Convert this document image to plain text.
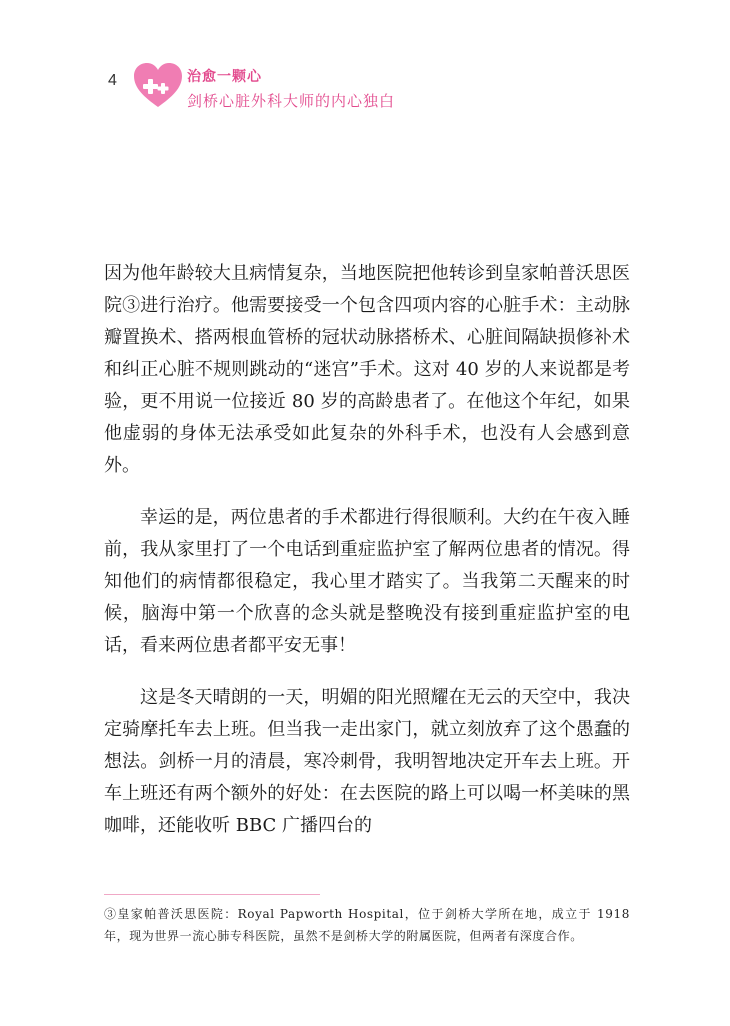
4	治愈一颗心
剑桥心脏外科大师的内心独白

因为他年龄较大且病情复杂，当地医院把他转诊到皇家帕普沃思医院③进行治疗。他需要接受一个包含四项内容的心脏手术：主动脉瓣置换术、搭两根血管桥的冠状动脉搭桥术、心脏间隔缺损修补术和纠正心脏不规则跳动的“迷宫”手术。这对 40 岁的人来说都是考验，更不用说一位接近 80 岁的高龄患者了。在他这个年纪，如果他虚弱的身体无法承受如此复杂的外科手术，也没有人会感到意外。

幸运的是，两位患者的手术都进行得很顺利。大约在午夜入睡前，我从家里打了一个电话到重症监护室了解两位患者的情况。得知他们的病情都很稳定，我心里才踏实了。当我第二天醒来的时候，脑海中第一个欣喜的念头就是整晚没有接到重症监护室的电话，看来两位患者都平安无事！

这是冬天晴朗的一天，明媚的阳光照耀在无云的天空中，我决定骑摩托车去上班。但当我一走出家门，就立刻放弃了这个愚蠢的想法。剑桥一月的清晨，寒冷刺骨，我明智地决定开车去上班。开车上班还有两个额外的好处：在去医院的路上可以喝一杯美味的黑咖啡，还能收听 BBC 广播四台的

③皇家帕普沃思医院：Royal Papworth Hospital，位于剑桥大学所在地，成立于 1918 年，现为世界一流心肺专科医院，虽然不是剑桥大学的附属医院，但两者有深度合作。
